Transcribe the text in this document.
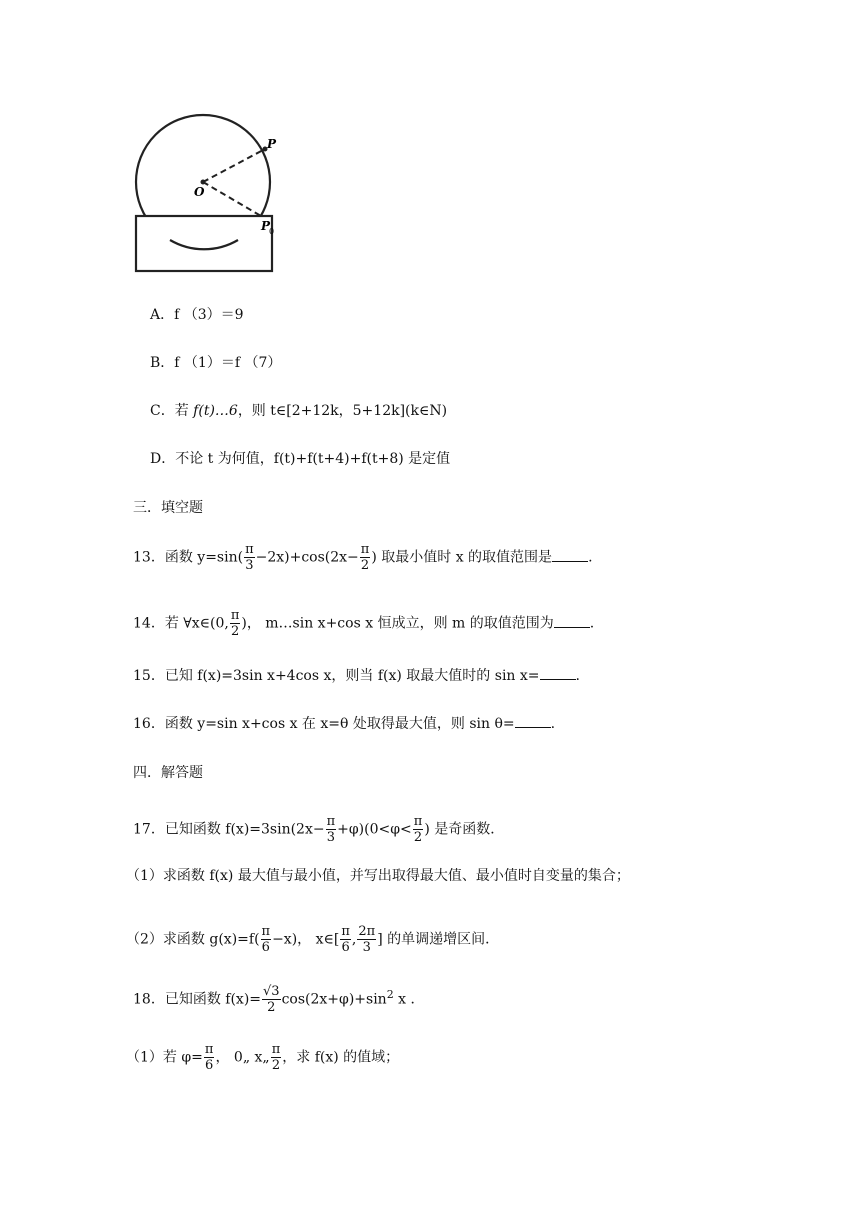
P
O
P
0
A．f （3）＝9
B．f （1）＝f （7）
C．若 f(t)…6，则 t∈[2+12k，5+12k](k∈N)
D．不论 t 为何值，f(t)+f(t+4)+f(t+8) 是定值
三．填空题
13．函数 $y=\sin( \frac{\pi}{3} -2x)+\cos(2x- \frac{\pi}{2}$ ) 取最小值时 x 的取值范围是	.
14．若 ∀x∈(0, $\frac{\pi}{2}$ )， m…sin x+cos x 恒成立，则 m 的取值范围为	.
15．已知 f(x)=3sin x+4cos x，则当 f(x) 取最大值时的 sin x=	.
16．函数 y=sin x+cos x 在 x=θ 处取得最大值，则 sin θ=	.
四．解答题
17．已知函数 $f(x)=3\sin(2x- \frac{\pi}{3} +\varphi)(0<\varphi< \frac{\pi}{2}$ ) 是奇函数．
（1）求函数 f(x) 最大值与最小值，并写出取得最大值、最小值时自变量的集合；
（2）求函数 $g(x)=f( \frac{\pi}{6} -x)$， x∈[ $\frac{\pi}{6}$ , $\frac{2\pi}{3}$ ] 的单调递增区间．
18．已知函数 $f(x)= \frac{√3}{2} \cos(2x+\varphi)+\sin^2$ x ．
（1）若 $\varphi= \frac{\pi}{6}$ ， 0„ x„ $\frac{\pi}{2}$ ，求 f(x) 的值域；
